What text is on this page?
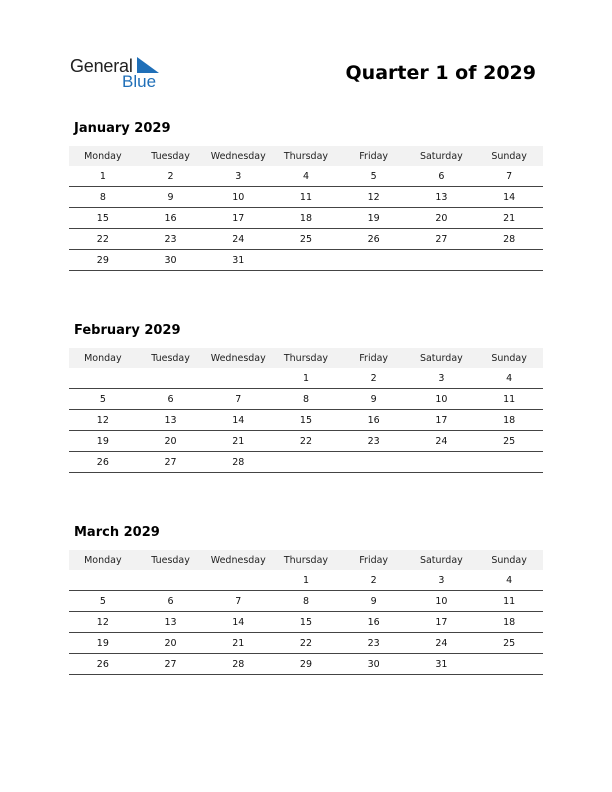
General
Blue	Quarter 1 of 2029
January 2029
Monday	Tuesday	Wednesday	Thursday	Friday	Saturday	Sunday
1	2	3	4	5	6	7
8	9	10	11	12	13	14
15	16	17	18	19	20	21
22	23	24	25	26	27	28
29	30	31				
February 2029
Monday	Tuesday	Wednesday	Thursday	Friday	Saturday	Sunday
			1	2	3	4
5	6	7	8	9	10	11
12	13	14	15	16	17	18
19	20	21	22	23	24	25
26	27	28				
March 2029
Monday	Tuesday	Wednesday	Thursday	Friday	Saturday	Sunday
			1	2	3	4
5	6	7	8	9	10	11
12	13	14	15	16	17	18
19	20	21	22	23	24	25
26	27	28	29	30	31	
